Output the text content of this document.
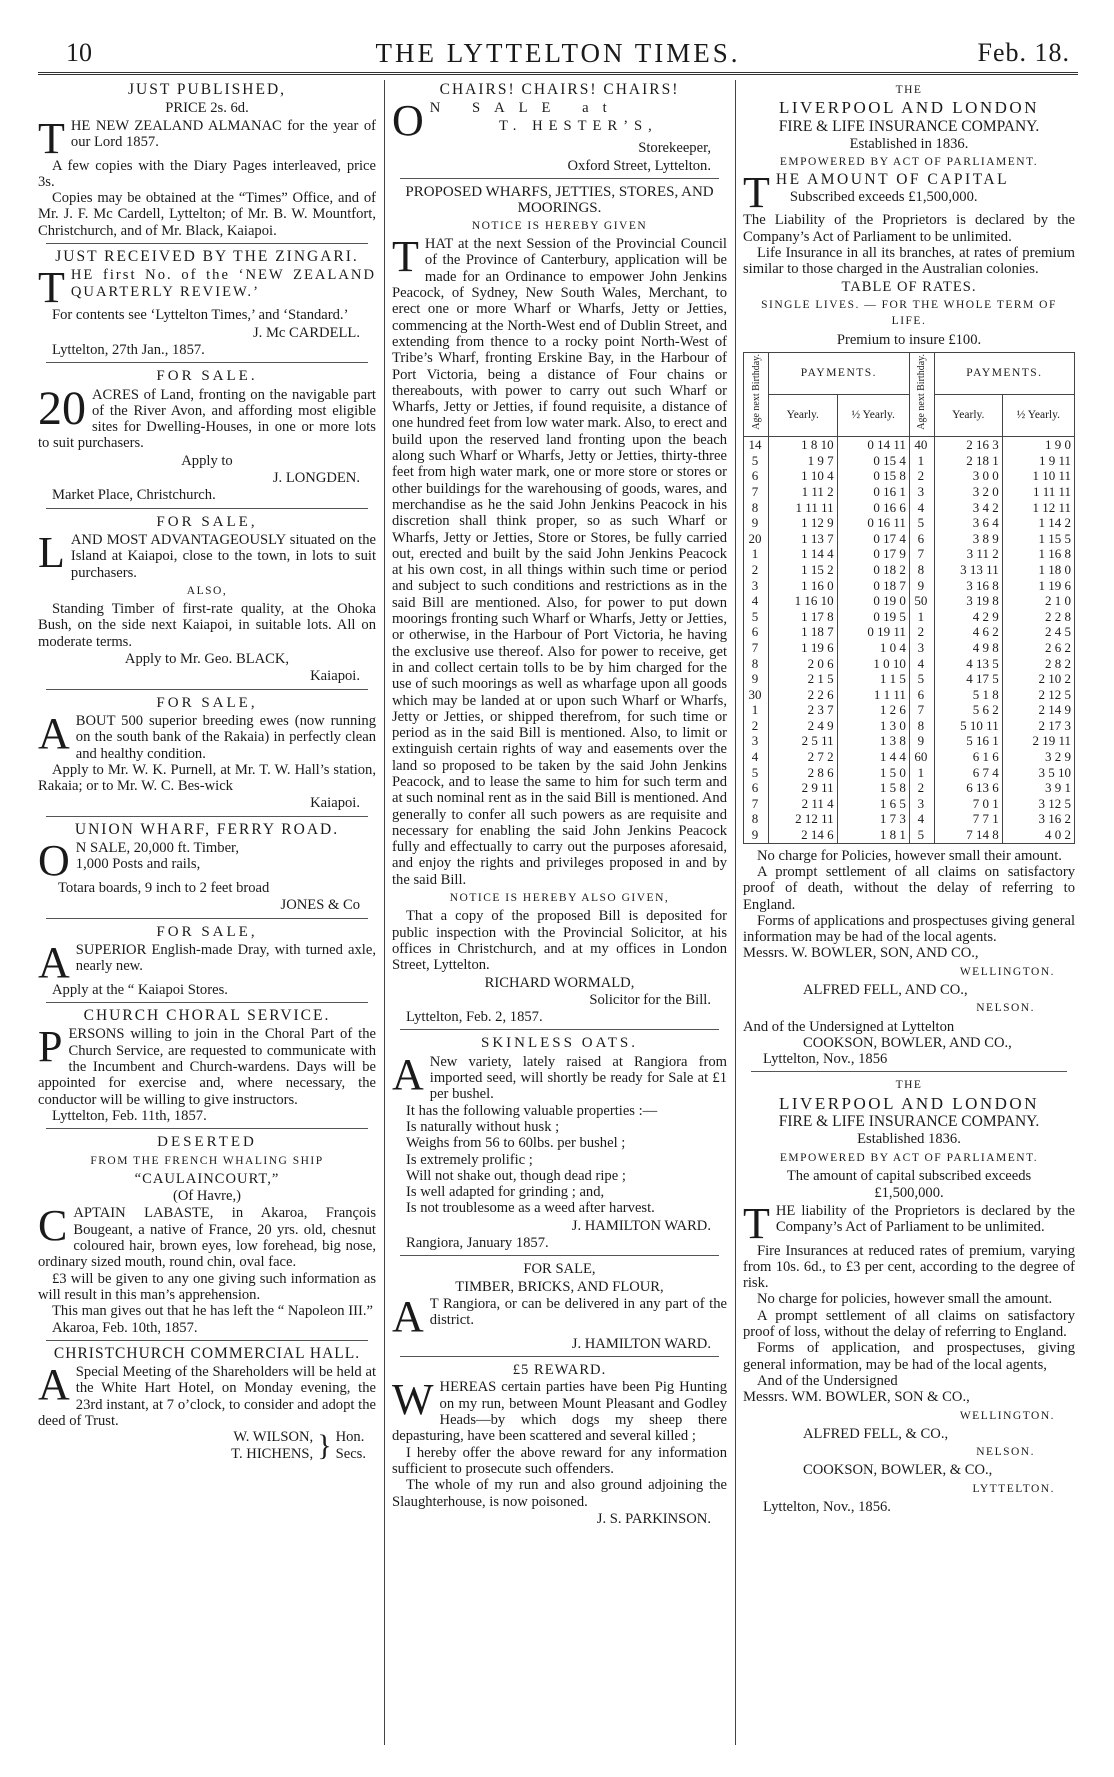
10	THE LYTTELTON TIMES.	Feb. 18.
JUST PUBLISHED,
PRICE 2s. 6d.

THE NEW ZEALAND ALMANAC for the year of our Lord 1857.

A few copies with the Diary Pages interleaved, price 3s.

Copies may be obtained at the “Times” Office, and of Mr. J. F. Mc Cardell, Lyttelton; of Mr. B. W. Mountfort, Christchurch, and of Mr. Black, Kaiapoi.

JUST RECEIVED BY THE ZINGARI.

THE first No. of the ‘NEW ZEALAND QUARTERLY REVIEW.’

For contents see ‘Lyttelton Times,’ and ‘Standard.’

J. Mc CARDELL.

Lyttelton, 27th Jan., 1857.

FOR SALE.

20 ACRES of Land, fronting on the navigable part of the River Avon, and affording most eligible sites for Dwelling-Houses, in one or more lots to suit purchasers.

Apply to
J. LONGDEN.

Market Place, Christchurch.

FOR SALE,

LAND MOST ADVANTAGEOUSLY situated on the Island at Kaiapoi, close to the town, in lots to suit purchasers.

ALSO,

Standing Timber of first-rate quality, at the Ohoka Bush, on the side next Kaiapoi, in suitable lots. All on moderate terms.

Apply to Mr. Geo. BLACK,
Kaiapoi.
FOR SALE,

ABOUT 500 superior breeding ewes (now running on the south bank of the Rakaia) in perfectly clean and healthy condition.

Apply to Mr. W. K. Purnell, at Mr. T. W. Hall’s station, Rakaia; or to Mr. W. C. Bes-wick

Kaiapoi.
UNION WHARF, FERRY ROAD.

O N SALE, 20,000 ft. Timber,
1,000 Posts and rails,

Totara boards, 9 inch to 2 feet broad

JONES & Co
FOR SALE,

ASUPERIOR English-made Dray, with turned axle, nearly new.

Apply at the “ Kaiapoi Stores.

CHURCH CHORAL SERVICE.

PERSONS willing to join in the Choral Part of the Church Service, are requested to communicate with the Incumbent and Church-wardens. Days will be appointed for exercise and, where necessary, the conductor will be willing to give instructors.

Lyttelton, Feb. 11th, 1857.

DESERTED
FROM THE FRENCH WHALING SHIP
“CAULAINCOURT,”
(Of Havre,)

CAPTAIN LABASTE, in Akaroa, François Bougeant, a native of France, 20 yrs. old, chesnut coloured hair, brown eyes, low forehead, big nose, ordinary sized mouth, round chin, oval face.

£3 will be given to any one giving such information as will result in this man’s apprehension.

This man gives out that he has left the “ Napoleon III.”

Akaroa, Feb. 10th, 1857.

CHRISTCHURCH COMMERCIAL HALL.

A Special Meeting of the Shareholders will be held at the White Hart Hotel, on Monday evening, the 23rd instant, at 7 o’clock, to consider and adopt the deed of Trust.

W. WILSON,
T. HICHENS, } Hon.
Secs.
CHAIRS! CHAIRS! CHAIRS!

O N SALE at

T. HESTER’S,
Storekeeper,
Oxford Street, Lyttelton.
PROPOSED WHARFS, JETTIES, STORES, AND MOORINGS.
NOTICE IS HEREBY GIVEN

THAT at the next Session of the Provincial Council of the Province of Canterbury, application will be made for an Ordinance to empower John Jenkins Peacock, of Sydney, New South Wales, Merchant, to erect one or more Wharf or Wharfs, Jetty or Jetties, commencing at the North-West end of Dublin Street, and extending from thence to a rocky point North-West of Tribe’s Wharf, fronting Erskine Bay, in the Harbour of Port Victoria, being a distance of Four chains or thereabouts, with power to carry out such Wharf or Wharfs, Jetty or Jetties, if found requisite, a distance of one hundred feet from low water mark. Also, to erect and build upon the reserved land fronting upon the beach along such Wharf or Wharfs, Jetty or Jetties, thirty-three feet from high water mark, one or more store or stores or other buildings for the warehousing of goods, wares, and merchandise as he the said John Jenkins Peacock in his discretion shall think proper, so as such Wharf or Wharfs, Jetty or Jetties, Store or Stores, be fully carried out, erected and built by the said John Jenkins Peacock at his own cost, in all things within such time or period and subject to such conditions and restrictions as in the said Bill are mentioned. Also, for power to put down moorings fronting such Wharf or Wharfs, Jetty or Jetties, or otherwise, in the Harbour of Port Victoria, he having the exclusive use thereof. Also for power to receive, get in and collect certain tolls to be by him charged for the use of such moorings as well as wharfage upon all goods which may be landed at or upon such Wharf or Wharfs, Jetty or Jetties, or shipped therefrom, for such time or period as in the said Bill is mentioned. Also, to limit or extinguish certain rights of way and easements over the land so proposed to be taken by the said John Jenkins Peacock, and to lease the same to him for such term and at such nominal rent as in the said Bill is mentioned. And generally to confer all such powers as are requisite and necessary for enabling the said John Jenkins Peacock fully and effectually to carry out the purposes aforesaid, and enjoy the rights and privileges proposed in and by the said Bill.

NOTICE IS HEREBY ALSO GIVEN,

That a copy of the proposed Bill is deposited for public inspection with the Provincial Solicitor, at his offices in Christchurch, and at my offices in London Street, Lyttelton.

RICHARD WORMALD,
Solicitor for the Bill.

Lyttelton, Feb. 2, 1857.

SKINLESS OATS.

A New variety, lately raised at Rangiora from imported seed, will shortly be ready for Sale at £1 per bushel.

It has the following valuable properties :—

Is naturally without husk ;

Weighs from 56 to 60lbs. per bushel ;

Is extremely prolific ;

Will not shake out, though dead ripe ;

Is well adapted for grinding ; and,

Is not troublesome as a weed after harvest.

J. HAMILTON WARD.

Rangiora, January 1857.

FOR SALE,
TIMBER, BRICKS, AND FLOUR,

A T Rangiora, or can be delivered in any part of the district.

J. HAMILTON WARD.
£5 REWARD.

WHEREAS certain parties have been Pig Hunting on my run, between Mount Pleasant and Godley Heads—by which dogs my sheep there depasturing, have been scattered and several killed ;

I hereby offer the above reward for any information sufficient to prosecute such offenders.

The whole of my run and also ground adjoining the Slaughterhouse, is now poisoned.

J. S. PARKINSON.
THE
LIVERPOOL AND LONDON
FIRE & LIFE INSURANCE COMPANY.
Established in 1836.
EMPOWERED BY ACT OF PARLIAMENT.

THE AMOUNT OF CAPITAL
Subscribed exceeds £1,500,000.

The Liability of the Proprietors is declared by the Company’s Act of Parliament to be unlimited.

Life Insurance in all its branches, at rates of premium similar to those charged in the Australian colonies.

TABLE OF RATES.
SINGLE LIVES. — FOR THE WHOLE TERM OF LIFE.
Premium to insure £100.
Age next Birthday.	PAYMENTS.		Age next Birthday.	PAYMENTS.	
	Yearly.	½ Yearly.		Yearly.	½ Yearly.
14	1 8 10	0 14 11	40	2 16 3	1 9 0
5	1 9 7	0 15 4	1	2 18 1	1 9 11
6	1 10 4	0 15 8	2	3 0 0	1 10 11
7	1 11 2	0 16 1	3	3 2 0	1 11 11
8	1 11 11	0 16 6	4	3 4 2	1 12 11
9	1 12 9	0 16 11	5	3 6 4	1 14 2
20	1 13 7	0 17 4	6	3 8 9	1 15 5
1	1 14 4	0 17 9	7	3 11 2	1 16 8
2	1 15 2	0 18 2	8	3 13 11	1 18 0
3	1 16 0	0 18 7	9	3 16 8	1 19 6
4	1 16 10	0 19 0	50	3 19 8	2 1 0
5	1 17 8	0 19 5	1	4 2 9	2 2 8
6	1 18 7	0 19 11	2	4 6 2	2 4 5
7	1 19 6	1 0 4	3	4 9 8	2 6 2
8	2 0 6	1 0 10	4	4 13 5	2 8 2
9	2 1 5	1 1 5	5	4 17 5	2 10 2
30	2 2 6	1 1 11	6	5 1 8	2 12 5
1	2 3 7	1 2 6	7	5 6 2	2 14 9
2	2 4 9	1 3 0	8	5 10 11	2 17 3
3	2 5 11	1 3 8	9	5 16 1	2 19 11
4	2 7 2	1 4 4	60	6 1 6	3 2 9
5	2 8 6	1 5 0	1	6 7 4	3 5 10
6	2 9 11	1 5 8	2	6 13 6	3 9 1
7	2 11 4	1 6 5	3	7 0 1	3 12 5
8	2 12 11	1 7 3	4	7 7 1	3 16 2
9	2 14 6	1 8 1	5	7 14 8	4 0 2

No charge for Policies, however small their amount.

A prompt settlement of all claims on satisfactory proof of death, without the delay of referring to England.

Forms of applications and prospectuses giving general information may be had of the local agents.

Messrs. W. BOWLER, SON, AND CO.,

WELLINGTON.

ALFRED FELL, AND CO.,

NELSON.

And of the Undersigned at Lyttelton

COOKSON, BOWLER, AND CO.,

Lyttelton, Nov., 1856

THE
LIVERPOOL AND LONDON
FIRE & LIFE INSURANCE COMPANY.
Established 1836.
EMPOWERED BY ACT OF PARLIAMENT.
The amount of capital subscribed exceeds
£1,500,000.

THE liability of the Proprietors is declared by the Company’s Act of Parliament to be unlimited.

Fire Insurances at reduced rates of premium, varying from 10s. 6d., to £3 per cent, according to the degree of risk.

No charge for policies, however small the amount.

A prompt settlement of all claims on satisfactory proof of loss, without the delay of referring to England.

Forms of application, and prospectuses, giving general information, may be had of the local agents,

And of the Undersigned

Messrs. WM. BOWLER, SON & CO.,

WELLINGTON.

ALFRED FELL, & CO.,

NELSON.

COOKSON, BOWLER, & CO.,

LYTTELTON.

Lyttelton, Nov., 1856.
